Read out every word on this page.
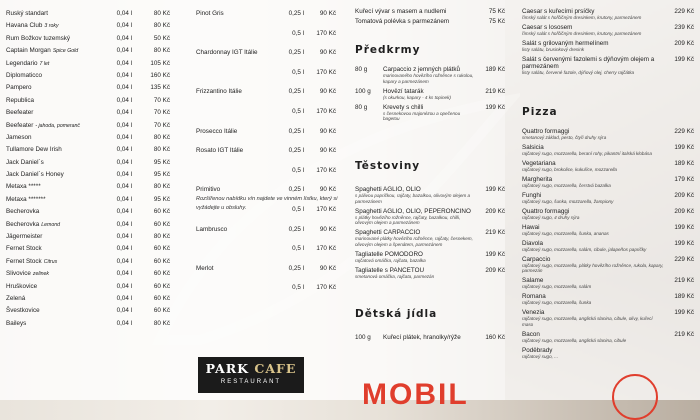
Ruský standart	0,04 l	80 Kč
Havana Club 3 roky	0,04 l	80 Kč
Rum Božkov tuzemský	0,04 l	50 Kč
Captain Morgan Spice Gold	0,04 l	80 Kč
Legendario 7 let	0,04 l	105 Kč
Diplomaticco	0,04 l	160 Kč
Pampero	0,04 l	135 Kč
Republica	0,04 l	70 Kč
Beefeater	0,04 l	70 Kč
Beefeater - jahoda, pomeranč	0,04 l	70 Kč
Jameson	0,04 l	80 Kč
Tullamore Dew Irish	0,04 l	80 Kč
Jack Daniel´s	0,04 l	95 Kč
Jack Daniel´s Honey	0,04 l	95 Kč
Metaxa *****	0,04 l	80 Kč
Metaxa *******	0,04 l	95 Kč
Becherovka	0,04 l	60 Kč
Becherovka Lemond	0,04 l	60 Kč
Jägermeister	0,04 l	80 Kč
Fernet Stock	0,04 l	60 Kč
Fernet Stock Citrus	0,04 l	60 Kč
Slivovice zelinek	0,04 l	60 Kč
Hruškovice	0,04 l	60 Kč
Zelená	0,04 l	60 Kč
Švestkovice	0,04 l	60 Kč
Baileys	0,04 l	80 Kč
Pinot Gris	0,25 l	90 Kč
0,5 l	170 Kč
Chardonnay IGT Itálie	0,25 l	90 Kč
0,5 l	170 Kč
Frizzantino Itálie	0,25 l	90 Kč
0,5 l	170 Kč
Prosecco Itálie	0,25 l	90 Kč
Rosato IGT Itálie	0,25 l	90 Kč
0,5 l	170 Kč
Primitivo	0,25 l	90 Kč
0,5 l	170 Kč
Lambrusco	0,25 l	90 Kč
0,5 l	170 Kč
Merlot	0,25 l	90 Kč
0,5 l	170 Kč
Rozšířenou nabídku vín najdete ve vinném lístku, který si vyžádejte u obsluhy.
Kuřecí vývar s masem a nudlemi	75 Kč
Tomatová polévka s parmezánem	75 Kč
Předkrmy
80 g	Carpaccio z jemných plátků
marinovaného hovězího rožněnce s rukolou, kapary a parmezánem
189 Kč
100 g	Hovězí tatarák
(s okurkou, kapary - 4 ks topinek)
219 Kč
80 g	Krevety s chilli
s česnekovou majonézou a opečenou bagetou
199 Kč
Těstoviny
Spaghetti AGLIO, OLIO
s pálivou papričkou, rajčaty, bazalkou, olivovým olejem a parmezánem
199 Kč
Spaghetti AGLIO, OLIO, PEPERONCINO
s plátky hovězího rožněnce, rajčaty, bazalkou, chilli, olivovým olejem a parmezánem
209 Kč
Spaghetti CARPACCIO
marinované plátky hovězího rožněnce, rajčaty, česnekem, olivovým olejem a špenátem, parmezánem
219 Kč
Tagliatelle POMODORO
rajčatová omáčka, rajčata, bazalka
199 Kč
Tagliatelle s PANCETOU
smetanová omáčka, rajčata, parmezán
209 Kč
Dětská jídla
100 g	Kuřecí plátek, hranolky/rýže	160 Kč
Caesar s kuřecími prsíčky
římský salát s hořčičným dresinkem, krutony, parmezánem
229 Kč
Caesar s lososem
římský salát s hořčičným dresinkem, krutony, parmezánem
239 Kč
Salát s grilovaným hermelínem
listy salátu, brusinkový dresink
209 Kč
Salát s červenými fazolemi s dýňovým olejem a parmezánem
listy salátu, červené fazole, dýňový olej, cherry rajčátka
199 Kč
Pizza
Quattro formaggi
smetanový základ, pesto, čtyři druhy sýra
229 Kč
Salsicia
rajčatový sugo, mozzarella, beraní rohy, pikantní italská klobása
199 Kč
Vegetariana
rajčatový sugo, brokolice, kukuřice, mozzarella
189 Kč
Margherita
rajčatový sugo, mozzarella, čerstvá bazalka
179 Kč
Funghi
rajčatový sugo, šunka, mozzarella, žampiony
209 Kč
Quattro formaggi
rajčatový sugo, 4 druhy sýra
209 Kč
Hawai
rajčatový sugo, mozzarella, šunka, ananas
199 Kč
Diavola
rajčatový sugo, mozzarella, salám, cibule, jalapeños papričky
199 Kč
Carpaccio
rajčatový sugo, mozzarella, plátky hovězího rožněnce, rukola, kapary, parmezán
229 Kč
Salame
rajčatový sugo, mozzarella, salám
219 Kč
Romana
rajčatový sugo, mozzarella, šunka
189 Kč
Venezia
rajčatový sugo, mozzarella, anglická slanina, cibule, olivy, kuřecí maso
199 Kč
Bacon
rajčatový sugo, mozzarella, anglická slanina, cibule
219 Kč
Poděbrady
rajčatový sugo, ...
PARK CAFE
RESTAURANT	MOBIL
